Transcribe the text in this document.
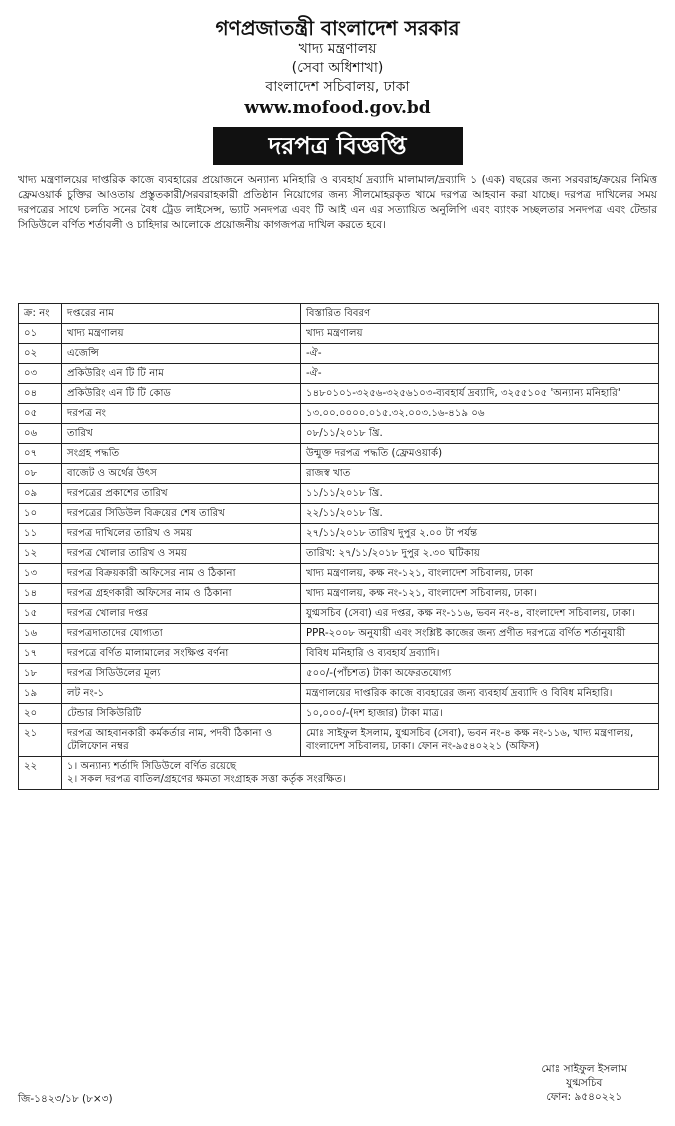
গণপ্রজাতন্ত্রী বাংলাদেশ সরকার
খাদ্য মন্ত্রণালয়
(সেবা অধিশাখা)
বাংলাদেশ সচিবালয়, ঢাকা
www.mofood.gov.bd
দরপত্র বিজ্ঞপ্তি
খাদ্য মন্ত্রণালয়ের দাপ্তরিক কাজে ব্যবহারের প্রয়োজনে অন্যান্য মনিহারি ও ব্যবহার্য দ্রব্যাদি মালামাল/দ্রব্যাদি ১ (এক) বছরের জন্য সরবরাহ/ক্রয়ের নিমিত্ত ফ্রেমওয়ার্ক চুক্তির আওতায় প্রস্তুতকারী/সরবরাহকারী প্রতিষ্ঠান নিয়োগের জন্য সীলমোহরকৃত খামে দরপত্র আহবান করা যাচ্ছে। দরপত্র দাখিলের সময় দরপত্রের সাথে চলতি সনের বৈধ ট্রেড লাইসেন্স, ভ্যাট সনদপত্র এবং টি আই এন এর সত্যায়িত অনুলিপি এবং ব্যাংক সচ্ছলতার সনদপত্র এবং টেন্ডার সিডিউলে বর্ণিত শর্তাবলী ও চাহিদার আলোকে প্রয়োজনীয় কাগজপত্র দাখিল করতে হবে।
ক্র: নং	দপ্তরের নাম	বিস্তারিত বিবরণ
০১	খাদ্য মন্ত্রণালয়	খাদ্য মন্ত্রণালয়
০২	এজেন্সি	-ঐ-
০৩	প্রকিউরিং এন টি টি নাম	-ঐ-
০৪	প্রকিউরিং এন টি টি কোড	১৪৮০১০১-৩২৫৬-৩২৫৬১০৩-ব্যবহার্য দ্রব্যাদি, ৩২৫৫১০৫ 'অন্যান্য মনিহারি'
০৫	দরপত্র নং	১৩.০০.০০০০.০১৫.৩২.০০৩.১৬-৪১৯ ০৬
০৬	তারিখ	০৮/১১/২০১৮ খ্রি.
০৭	সংগ্রহ পদ্ধতি	উন্মুক্ত দরপত্র পদ্ধতি (ফ্রেমওয়ার্ক)
০৮	বাজেট ও অর্থের উৎস	রাজস্ব খাত
০৯	দরপত্রের প্রকাশের তারিখ	১১/১১/২০১৮ খ্রি.
১০	দরপত্রের সিডিউল বিক্রয়ের শেষ তারিখ	২২/১১/২০১৮ খ্রি.
১১	দরপত্র দাখিলের তারিখ ও সময়	২৭/১১/২০১৮ তারিখ দুপুর ২.০০ টা পর্যন্ত
১২	দরপত্র খোলার তারিখ ও সময়	তারিখ: ২৭/১১/২০১৮ দুপুর ২.৩০ ঘটিকায়
১৩	দরপত্র বিক্রয়কারী অফিসের নাম ও ঠিকানা	খাদ্য মন্ত্রণালয়, কক্ষ নং-১২১, বাংলাদেশ সচিবালয়, ঢাকা
১৪	দরপত্র গ্রহণকারী অফিসের নাম ও ঠিকানা	খাদ্য মন্ত্রণালয়, কক্ষ নং-১২১, বাংলাদেশ সচিবালয়, ঢাকা।
১৫	দরপত্র খোলার দপ্তর	যুগ্মসচিব (সেবা) এর দপ্তর, কক্ষ নং-১১৬, ভবন নং-৪, বাংলাদেশ সচিবালয়, ঢাকা।
১৬	দরপত্রদাতাদের যোগ্যতা	PPR-২০০৮ অনুযায়ী এবং সংশ্লিষ্ট কাজের জন্য প্রণীত দরপত্রে বর্ণিত শর্তানুযায়ী
১৭	দরপত্রে বর্ণিত মালামালের সংক্ষিপ্ত বর্ণনা	বিবিধ মনিহারি ও ব্যবহার্য দ্রব্যাদি।
১৮	দরপত্র সিডিউলের মূল্য	৫০০/-(পাঁচশত) টাকা অফেরতযোগ্য
১৯	লট নং-১	মন্ত্রণালয়ের দাপ্তরিক কাজে ব্যবহারের জন্য ব্যবহার্য দ্রব্যাদি ও বিবিধ মনিহারি।
২০	টেন্ডার সিকিউরিটি	১০,০০০/-(দশ হাজার) টাকা মাত্র।
২১	দরপত্র আহবানকারী কর্মকর্তার নাম, পদবী ঠিকানা ও টেলিফোন নম্বর	মোঃ সাইফুল ইসলাম, যুগ্মসচিব (সেবা), ভবন নং-৪ কক্ষ নং-১১৬, খাদ্য মন্ত্রণালয়, বাংলাদেশ সচিবালয়, ঢাকা। ফোন নং-৯৫৪০২২১ (অফিস)
২২	১। অন্যান্য শর্তাদি সিডিউলে বর্ণিত রয়েছে
২। সকল দরপত্র বাতিল/গ্রহণের ক্ষমতা সংগ্রাহক সত্তা কর্তৃক সংরক্ষিত।	
মোঃ সাইফুল ইসলাম
যুগ্মসচিব
ফোন: ৯৫৪০২২১
জি-১৪২৩/১৮ (৮×৩)
